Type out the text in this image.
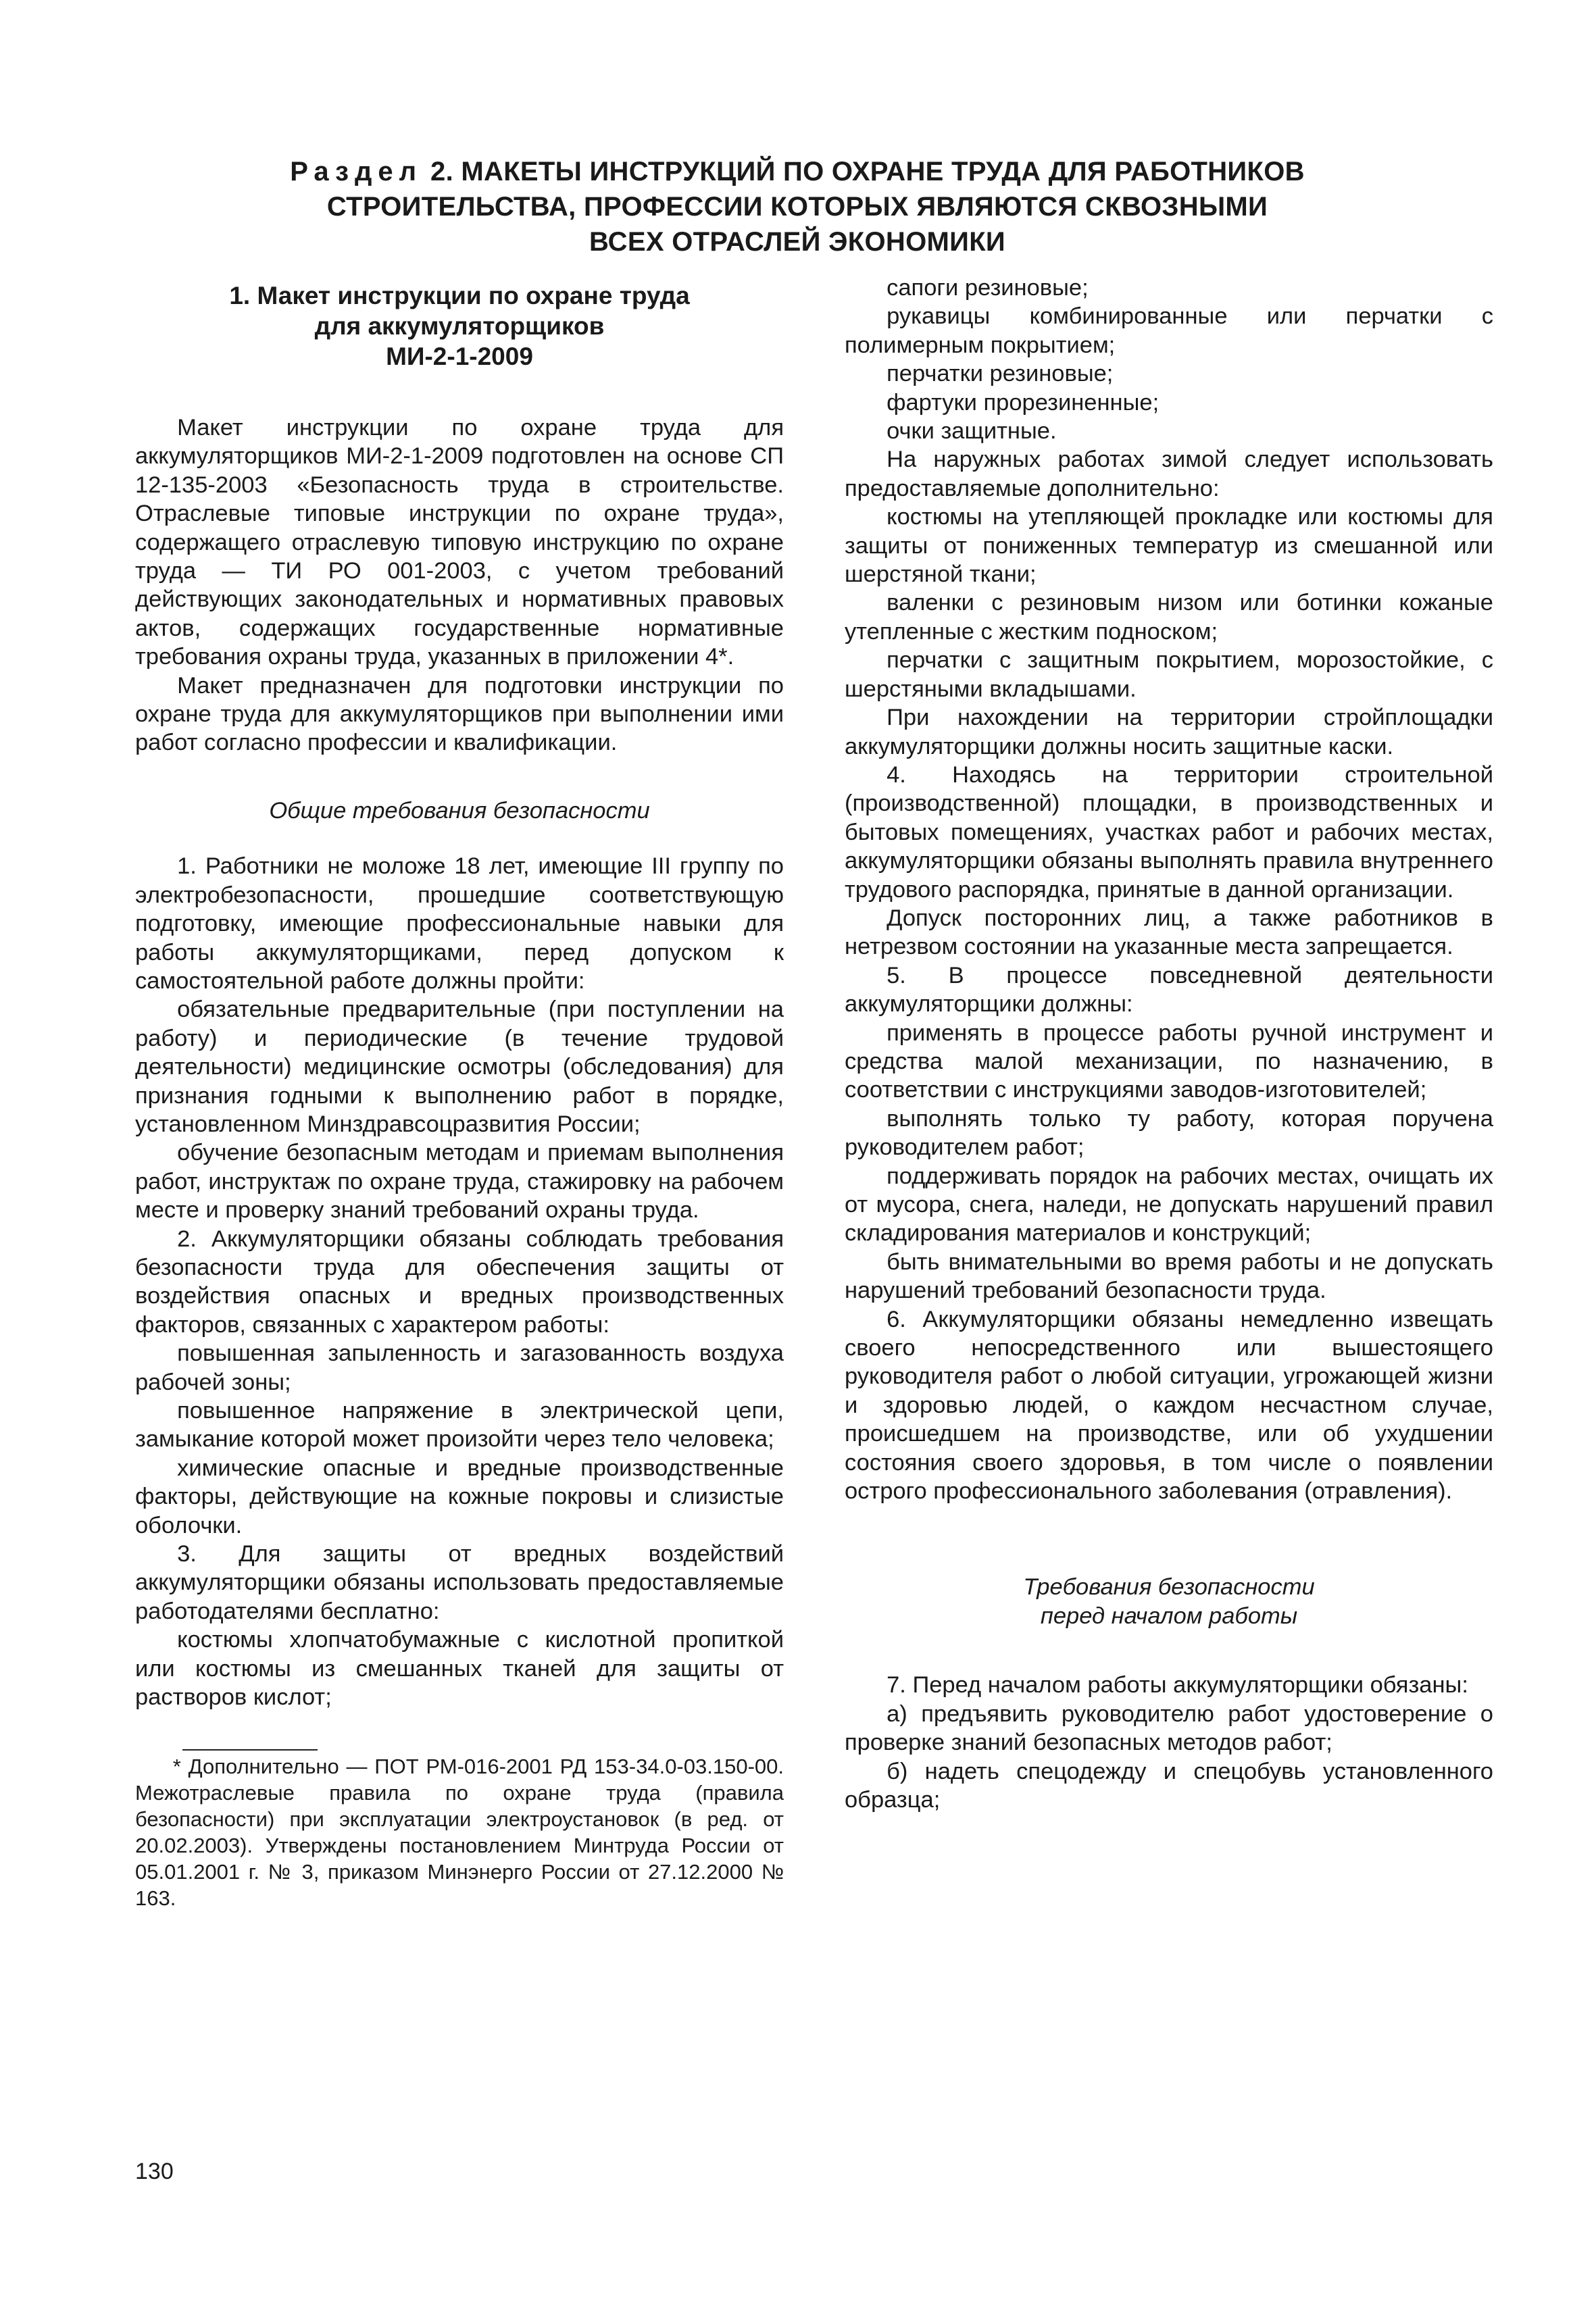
Раздел 2. МАКЕТЫ ИНСТРУКЦИЙ ПО ОХРАНЕ ТРУДА ДЛЯ РАБОТНИКОВ
СТРОИТЕЛЬСТВА, ПРОФЕССИИ КОТОРЫХ ЯВЛЯЮТСЯ СКВОЗНЫМИ
ВСЕХ ОТРАСЛЕЙ ЭКОНОМИКИ
1. Макет инструкции по охране труда
для аккумуляторщиков
МИ-2-1-2009

Макет инструкции по охране труда для аккумуляторщиков МИ-2-1-2009 подготовлен на основе СП 12-135-2003 «Безопасность труда в строительстве. Отраслевые типовые инструкции по охране труда», содержащего отраслевую типовую инструкцию по охране труда — ТИ РО 001-2003, с учетом требований действующих законодательных и нормативных правовых актов, содержащих государственные нормативные требования охраны труда, указанных в приложении 4*.

Макет предназначен для подготовки инструкции по охране труда для аккумуляторщиков при выполнении ими работ согласно профессии и квалификации.

Общие требования безопасности

1. Работники не моложе 18 лет, имеющие III группу по электробезопасности, прошедшие соответствующую подготовку, имеющие профессиональные навыки для работы аккумуляторщиками, перед допуском к самостоятельной работе должны пройти:

обязательные предварительные (при поступлении на работу) и периодические (в течение трудовой деятельности) медицинские осмотры (обследования) для признания годными к выполнению работ в порядке, установленном Минздравсоцразвития России;

обучение безопасным методам и приемам выполнения работ, инструктаж по охране труда, стажировку на рабочем месте и проверку знаний требований охраны труда.

2. Аккумуляторщики обязаны соблюдать требования безопасности труда для обеспечения защиты от воздействия опасных и вредных производственных факторов, связанных с характером работы:

повышенная запыленность и загазованность воздуха рабочей зоны;

повышенное напряжение в электрической цепи, замыкание которой может произойти через тело человека;

химические опасные и вредные производственные факторы, действующие на кожные покровы и слизистые оболочки.

3. Для защиты от вредных воздействий аккумуляторщики обязаны использовать предоставляемые работодателями бесплатно:

костюмы хлопчатобумажные с кислотной пропиткой или костюмы из смешанных тканей для защиты от растворов кислот;

* Дополнительно — ПОТ РМ-016-2001 РД 153-34.0-03.150-00. Межотраслевые правила по охране труда (правила безопасности) при эксплуатации электроустановок (в ред. от 20.02.2003). Утверждены постановлением Минтруда России от 05.01.2001 г. № 3, приказом Минэнерго России от 27.12.2000 № 163.

сапоги резиновые;

рукавицы комбинированные или перчатки с полимерным покрытием;

перчатки резиновые;

фартуки прорезиненные;

очки защитные.

На наружных работах зимой следует использовать предоставляемые дополнительно:

костюмы на утепляющей прокладке или костюмы для защиты от пониженных температур из смешанной или шерстяной ткани;

валенки с резиновым низом или ботинки кожаные утепленные с жестким подноском;

перчатки с защитным покрытием, морозостойкие, с шерстяными вкладышами.

При нахождении на территории стройплощадки аккумуляторщики должны носить защитные каски.

4. Находясь на территории строительной (производственной) площадки, в производственных и бытовых помещениях, участках работ и рабочих местах, аккумуляторщики обязаны выполнять правила внутреннего трудового распорядка, принятые в данной организации.

Допуск посторонних лиц, а также работников в нетрезвом состоянии на указанные места запрещается.

5. В процессе повседневной деятельности аккумуляторщики должны:

применять в процессе работы ручной инструмент и средства малой механизации, по назначению, в соответствии с инструкциями заводов-изготовителей;

выполнять только ту работу, которая поручена руководителем работ;

поддерживать порядок на рабочих местах, очищать их от мусора, снега, наледи, не допускать нарушений правил складирования материалов и конструкций;

быть внимательными во время работы и не допускать нарушений требований безопасности труда.

6. Аккумуляторщики обязаны немедленно извещать своего непосредственного или вышестоящего руководителя работ о любой ситуации, угрожающей жизни и здоровью людей, о каждом несчастном случае, происшедшем на производстве, или об ухудшении состояния своего здоровья, в том числе о появлении острого профессионального заболевания (отравления).

Требования безопасности
перед началом работы

7. Перед началом работы аккумуляторщики обязаны:

а) предъявить руководителю работ удостоверение о проверке знаний безопасных методов работ;

б) надеть спецодежду и спецобувь установленного образца;

130
